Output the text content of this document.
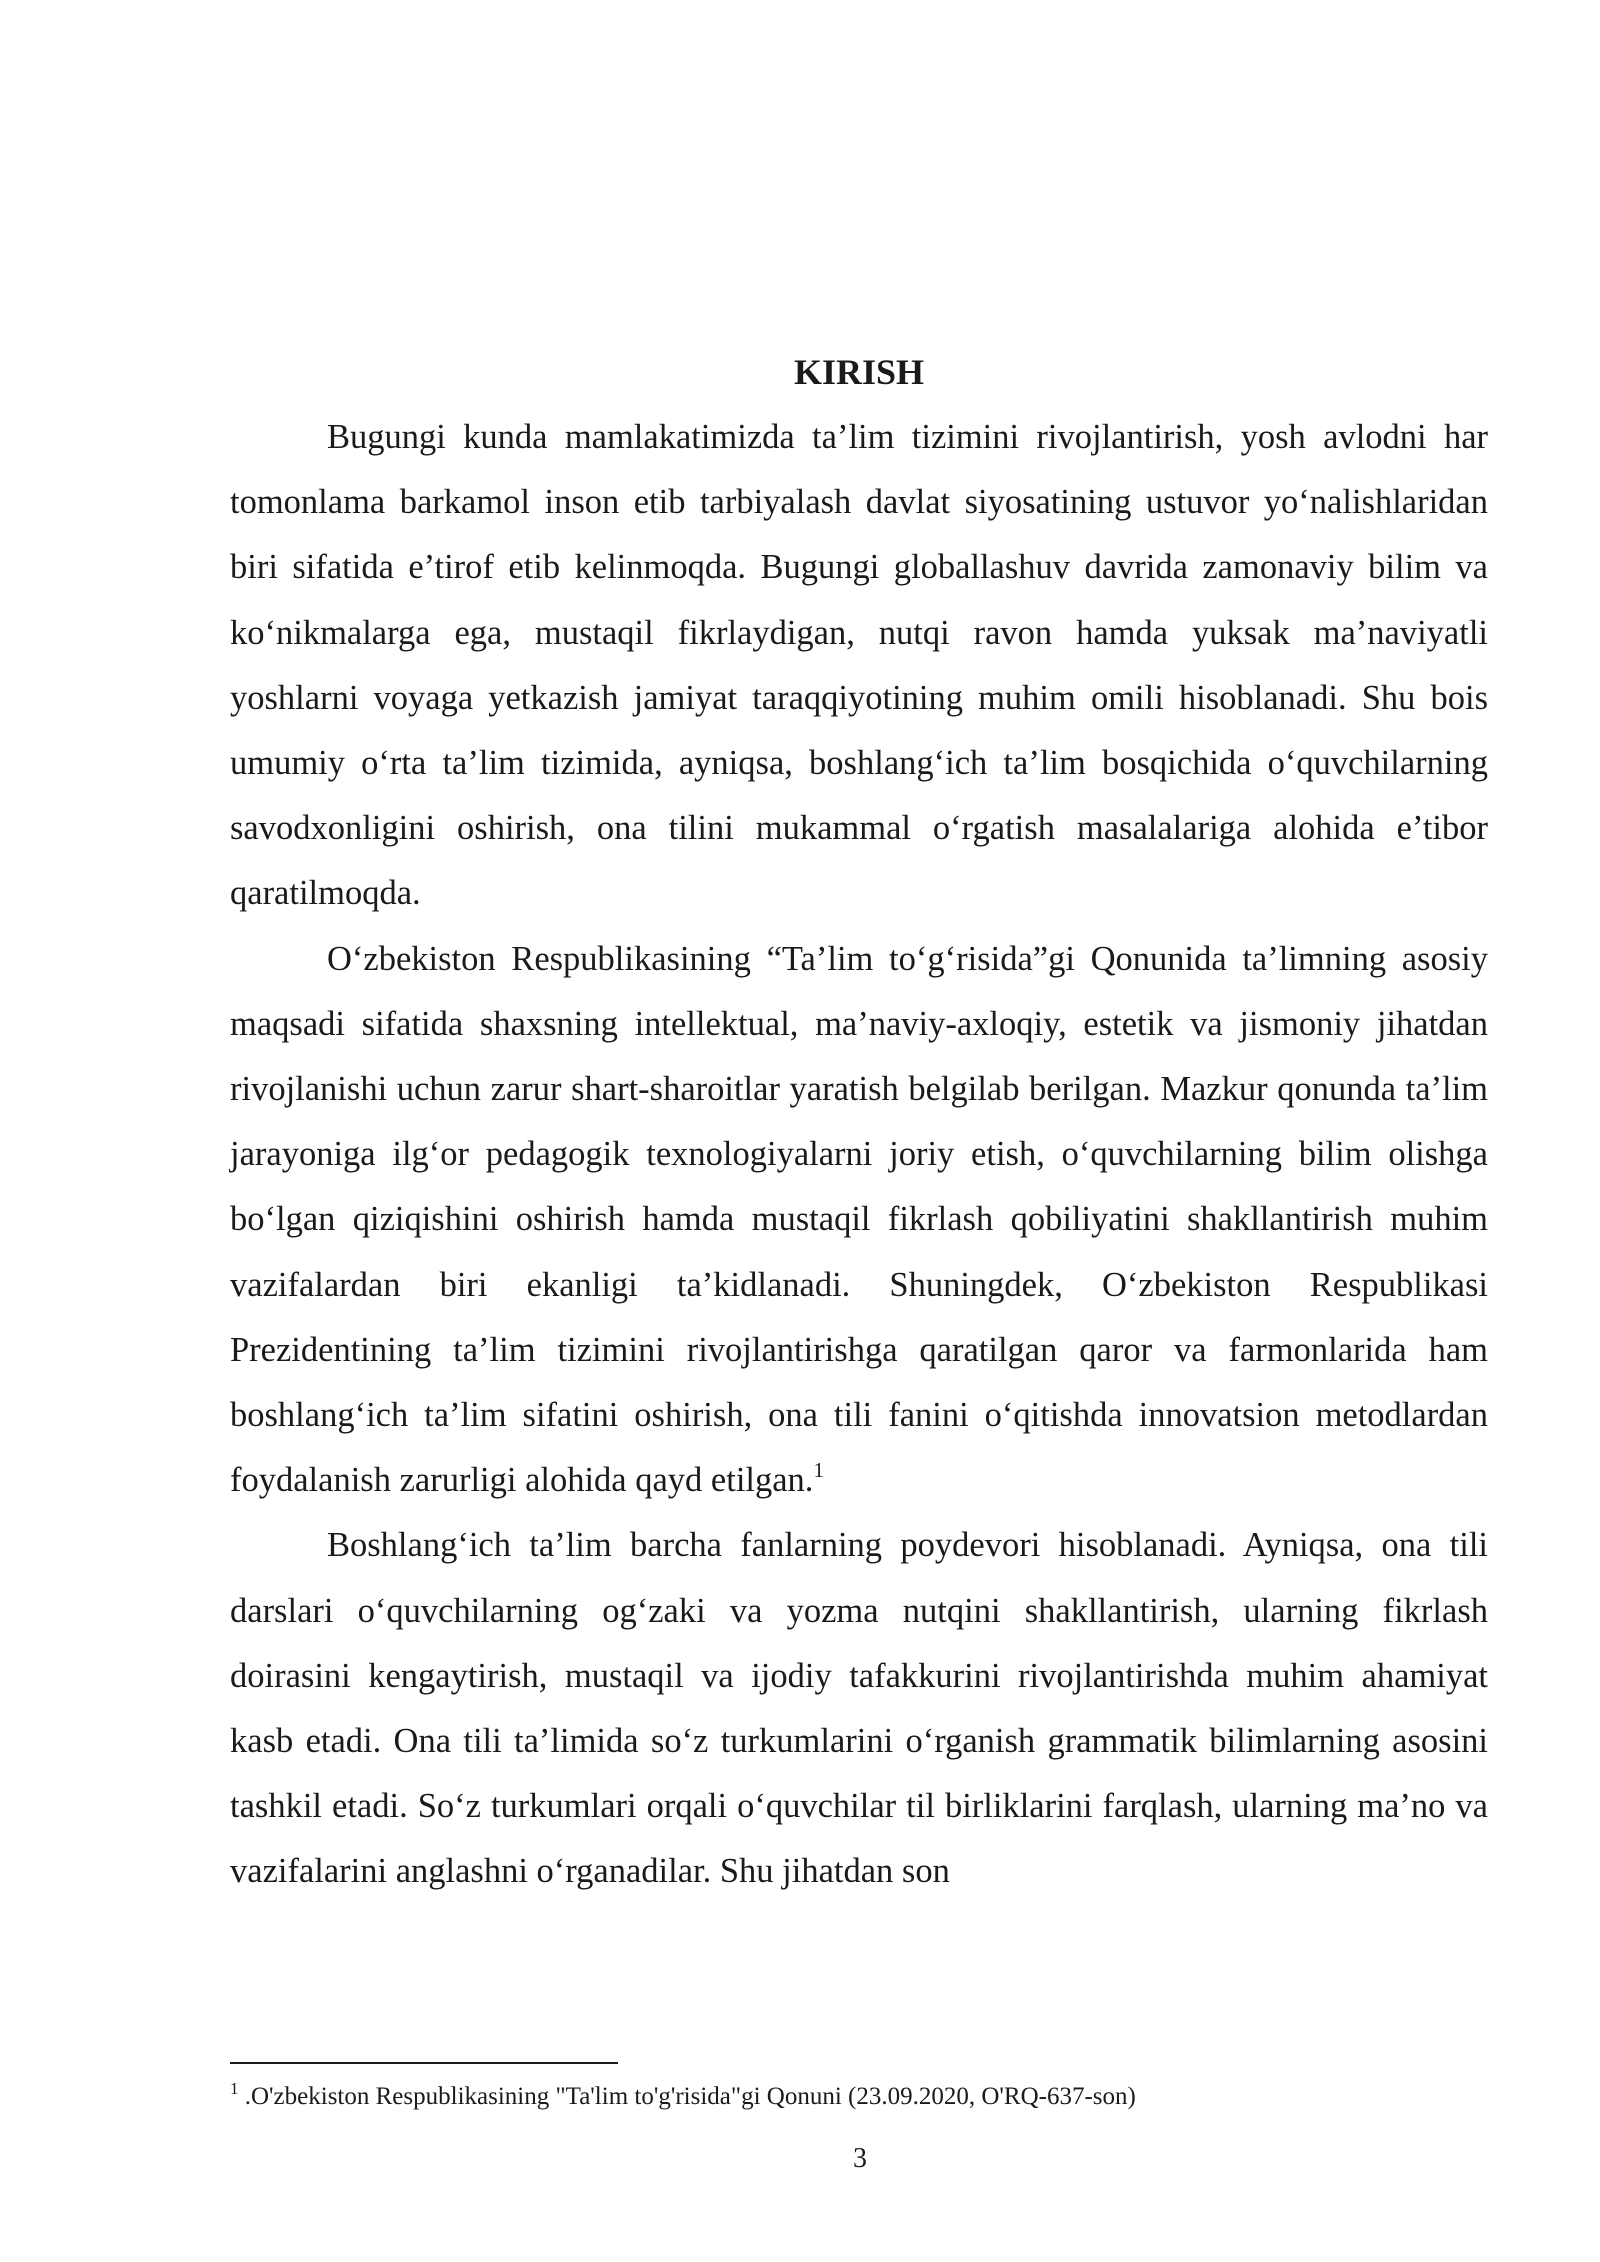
KIRISH

Bugungi kunda mamlakatimizda ta’lim tizimini rivojlantirish, yosh avlodni har tomonlama barkamol inson etib tarbiyalash davlat siyosatining ustuvor yo‘nalishlaridan biri sifatida e’tirof etib kelinmoqda. Bugungi globallashuv davrida zamonaviy bilim va ko‘nikmalarga ega, mustaqil fikrlaydigan, nutqi ravon hamda yuksak ma’naviyatli yoshlarni voyaga yetkazish jamiyat taraqqiyotining muhim omili hisoblanadi. Shu bois umumiy o‘rta ta’lim tizimida, ayniqsa, boshlang‘ich ta’lim bosqichida o‘quvchilarning savodxonligini oshirish, ona tilini mukammal o‘rgatish masalalariga alohida e’tibor qaratilmoqda.

O‘zbekiston Respublikasining “Ta’lim to‘g‘risida”gi Qonunida ta’limning asosiy maqsadi sifatida shaxsning intellektual, ma’naviy-axloqiy, estetik va jismoniy jihatdan rivojlanishi uchun zarur shart-sharoitlar yaratish belgilab berilgan. Mazkur qonunda ta’lim jarayoniga ilg‘or pedagogik texnologiyalarni joriy etish, o‘quvchilarning bilim olishga bo‘lgan qiziqishini oshirish hamda mustaqil fikrlash qobiliyatini shakllantirish muhim vazifalardan biri ekanligi ta’kidlanadi. Shuningdek, O‘zbekiston Respublikasi Prezidentining ta’lim tizimini rivojlantirishga qaratilgan qaror va farmonlarida ham boshlang‘ich ta’lim sifatini oshirish, ona tili fanini o‘qitishda innovatsion metodlardan foydalanish zarurligi alohida qayd etilgan.$^1$

Boshlang‘ich ta’lim barcha fanlarning poydevori hisoblanadi. Ayniqsa, ona tili darslari o‘quvchilarning og‘zaki va yozma nutqini shakllantirish, ularning fikrlash doirasini kengaytirish, mustaqil va ijodiy tafakkurini rivojlantirishda muhim ahamiyat kasb etadi. Ona tili ta’limida so‘z turkumlarini o‘rganish grammatik bilimlarning asosini tashkil etadi. So‘z turkumlari orqali o‘quvchilar til birliklarini farqlash, ularning ma’no va vazifalarini anglashni o‘rganadilar. Shu jihatdan son

$^1$ .O'zbekiston Respublikasining "Ta'lim to'g'risida"gi Qonuni (23.09.2020, O'RQ-637-son)

3
